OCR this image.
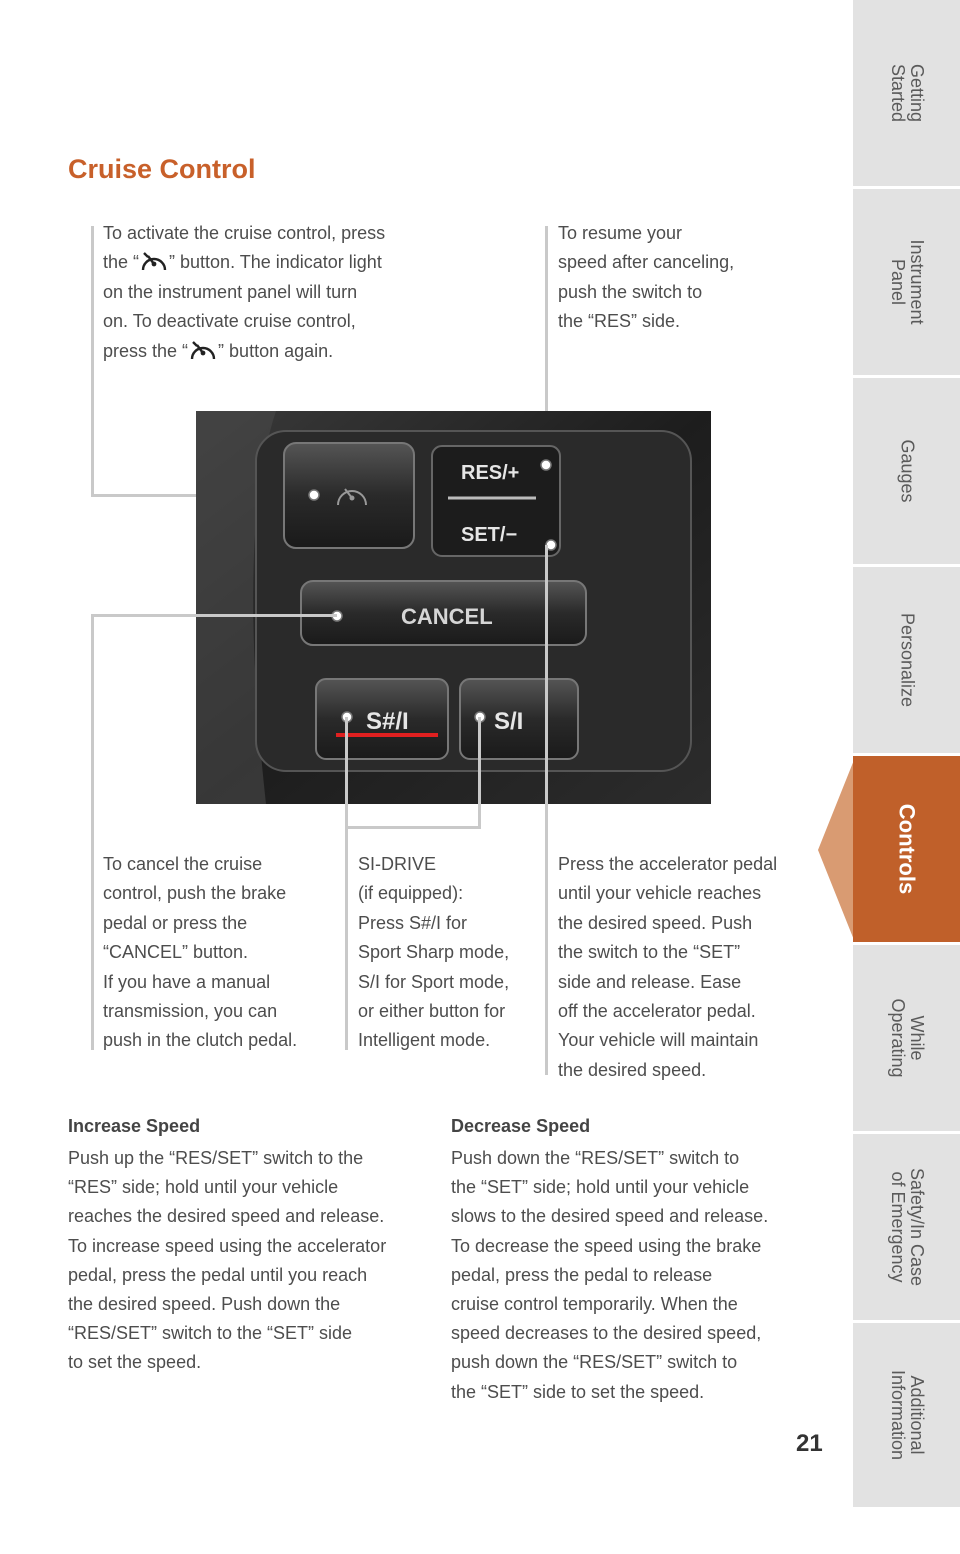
Cruise Control
To activate the cruise control, press
the “ ” button. The indicator light
on the instrument panel will turn
on. To deactivate cruise control,
press the “ ” button again.
To resume your
speed after canceling,
push the switch to
the “RES” side.
RES/+
SET/−
CANCEL
S#/I	S/I
To cancel the cruise
control, push the brake
pedal or press the
“CANCEL” button.
If you have a manual
transmission, you can
push in the clutch pedal.
SI-DRIVE
(if equipped):
Press S#/I for
Sport Sharp mode,
S/I for Sport mode,
or either button for
Intelligent mode.
Press the accelerator pedal
until your vehicle reaches
the desired speed. Push
the switch to the “SET”
side and release. Ease
off the accelerator pedal.
Your vehicle will maintain
the desired speed.
Increase Speed
Push up the “RES/SET” switch to the
“RES” side; hold until your vehicle
reaches the desired speed and release.
To increase speed using the accelerator
pedal, press the pedal until you reach
the desired speed. Push down the
“RES/SET” switch to the “SET” side
to set the speed.
Decrease Speed
Push down the “RES/SET” switch to
the “SET” side; hold until your vehicle
slows to the desired speed and release.
To decrease the speed using the brake
pedal, press the pedal to release
cruise control temporarily. When the
speed decreases to the desired speed,
push down the “RES/SET” switch to
the “SET” side to set the speed.
21
Getting
Started
Instrument
Panel
Gauges
Personalize
Controls
While
Operating
Safety/In Case
of Emergency
Additional
Information
